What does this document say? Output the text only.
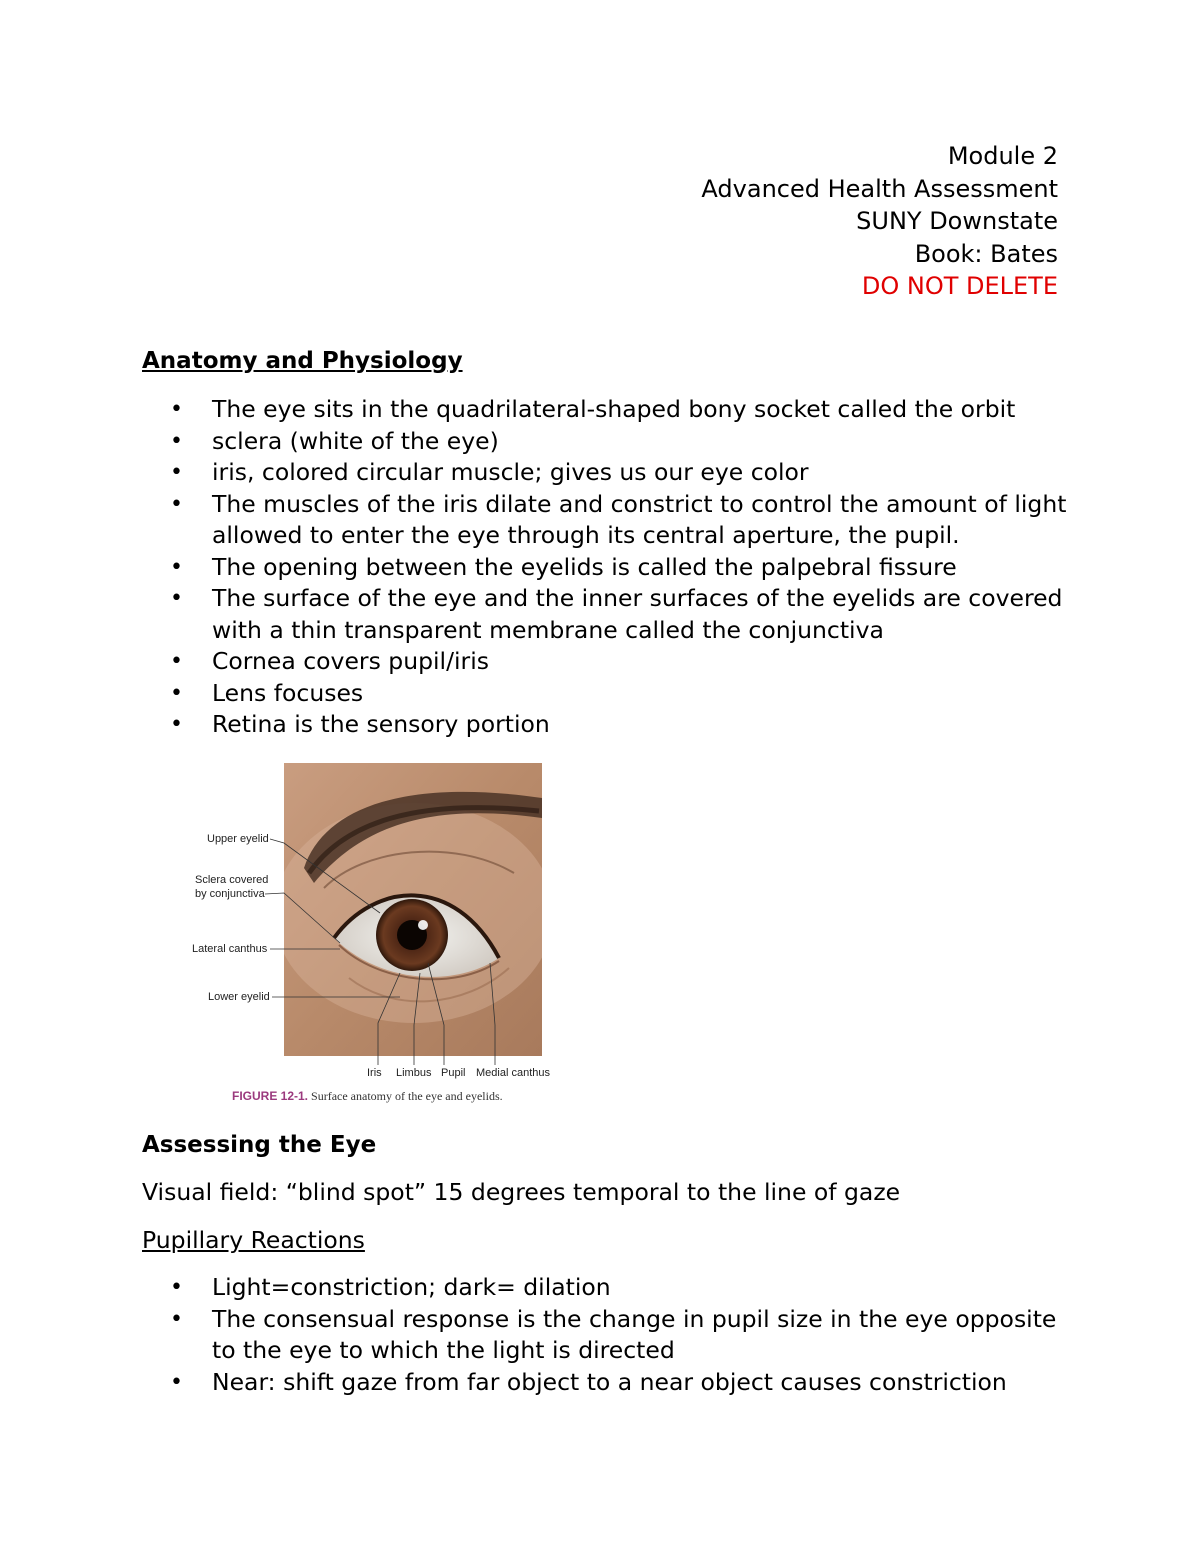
Module 2
Advanced Health Assessment
SUNY Downstate
Book: Bates
DO NOT DELETE
Anatomy and Physiology
• The eye sits in the quadrilateral-shaped bony socket called the orbit
• sclera (white of the eye)
• iris, colored circular muscle; gives us our eye color
• The muscles of the iris dilate and constrict to control the amount of light allowed to enter the eye through its central aperture, the pupil.
• The opening between the eyelids is called the palpebral fissure
• The surface of the eye and the inner surfaces of the eyelids are covered with a thin transparent membrane called the conjunctiva
• Cornea covers pupil/iris
• Lens focuses
• Retina is the sensory portion
Upper eyelid
Sclera covered
by conjunctiva
Lateral canthus
Lower eyelid
Iris Limbus Pupil Medial canthus
FIGURE 12-1. Surface anatomy of the eye and eyelids.
Assessing the Eye

Visual field: “blind spot” 15 degrees temporal to the line of gaze

Pupillary Reactions

• Light=constriction; dark= dilation
• The consensual response is the change in pupil size in the eye opposite to the eye to which the light is directed
• Near: shift gaze from far object to a near object causes constriction
